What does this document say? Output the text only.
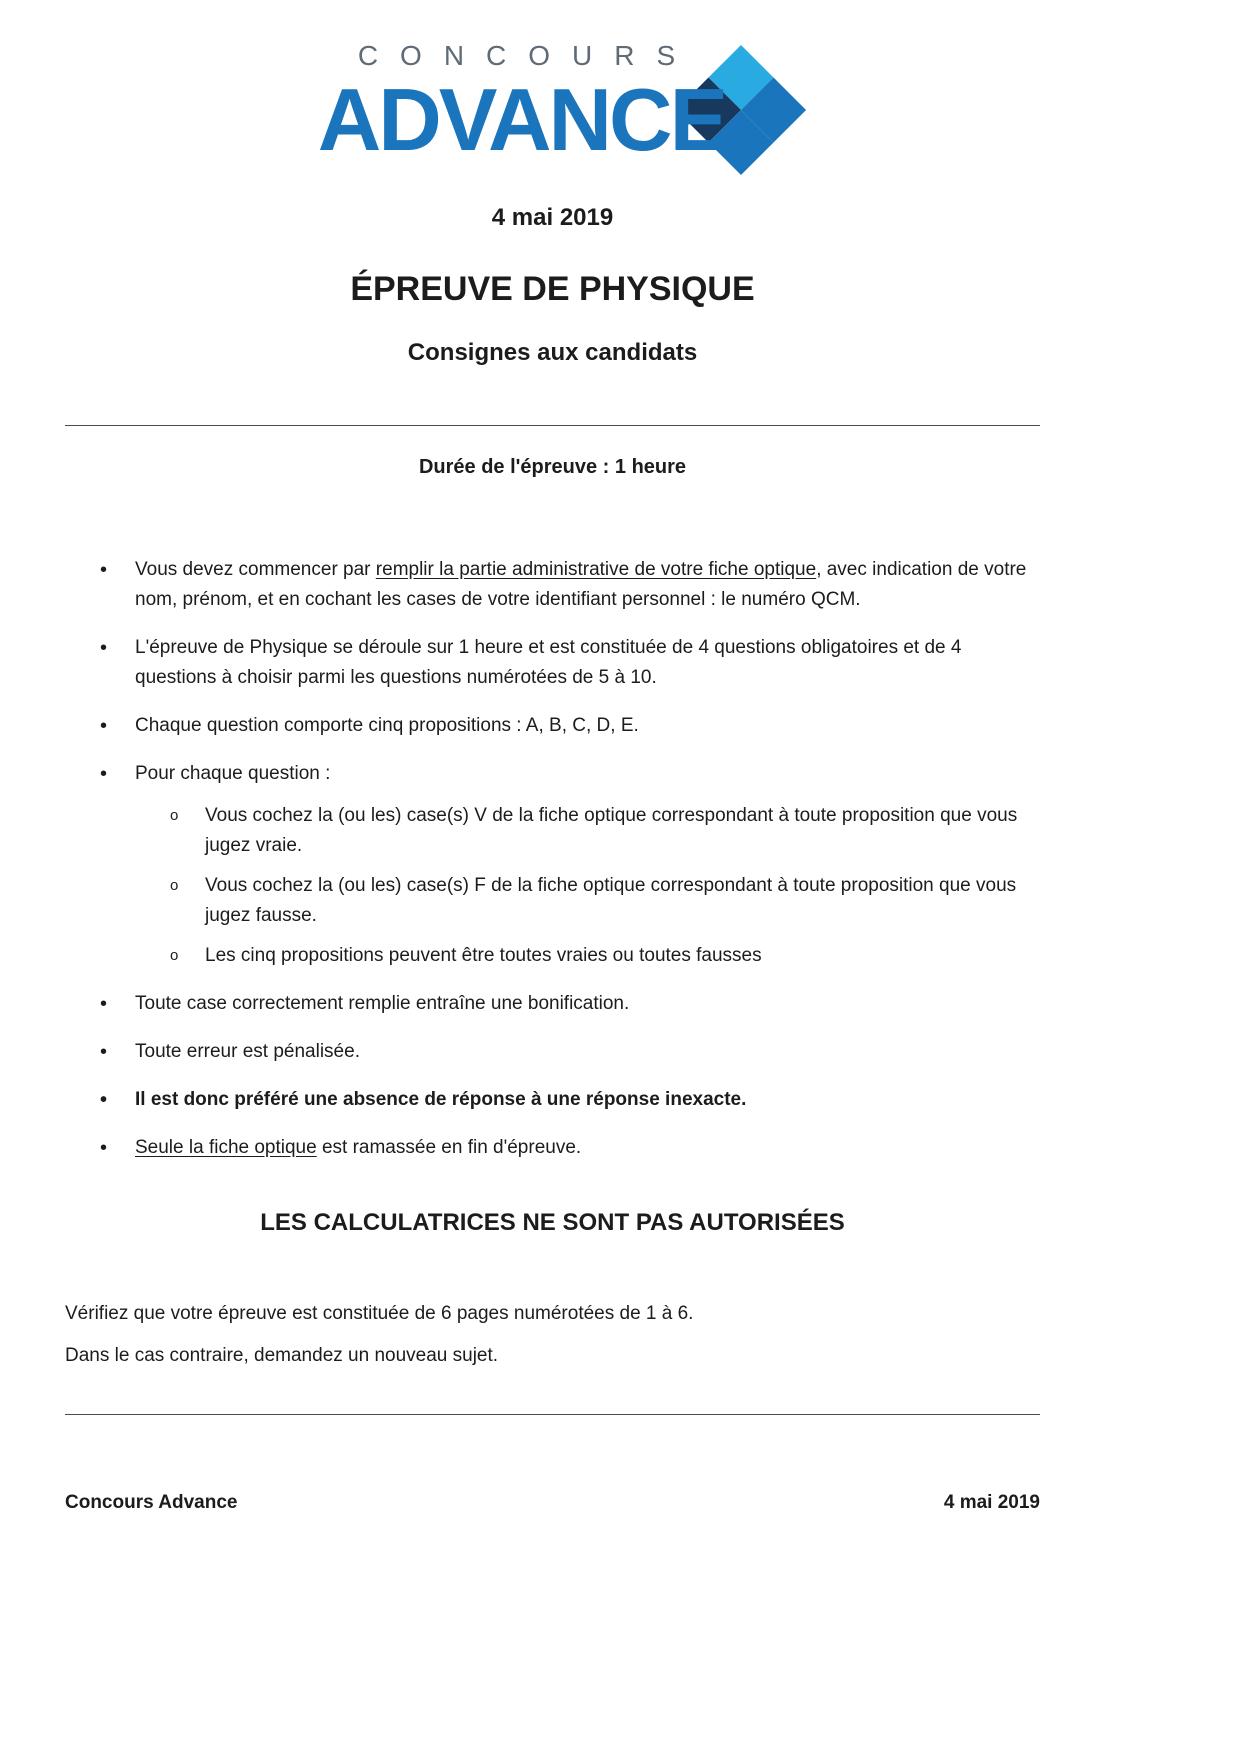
CONCOURS
ADVANCE
4 mai 2019
ÉPREUVE DE PHYSIQUE
Consignes aux candidats
Durée de l'épreuve : 1 heure
• Vous devez commencer par remplir la partie administrative de votre fiche optique, avec indication de votre nom, prénom, et en cochant les cases de votre identifiant personnel : le numéro QCM.
• L'épreuve de Physique se déroule sur 1 heure et est constituée de 4 questions obligatoires et de 4 questions à choisir parmi les questions numérotées de 5 à 10.
• Chaque question comporte cinq propositions : A, B, C, D, E.
• Pour chaque question :
o Vous cochez la (ou les) case(s) V de la fiche optique correspondant à toute proposition que vous jugez vraie.
o Vous cochez la (ou les) case(s) F de la fiche optique correspondant à toute proposition que vous jugez fausse.
o Les cinq propositions peuvent être toutes vraies ou toutes fausses
• Toute case correctement remplie entraîne une bonification.
• Toute erreur est pénalisée.
• Il est donc préféré une absence de réponse à une réponse inexacte.
• Seule la fiche optique est ramassée en fin d'épreuve.
LES CALCULATRICES NE SONT PAS AUTORISÉES

Vérifiez que votre épreuve est constituée de 6 pages numérotées de 1 à 6.

Dans le cas contraire, demandez un nouveau sujet.

Concours Advance	4 mai 2019
